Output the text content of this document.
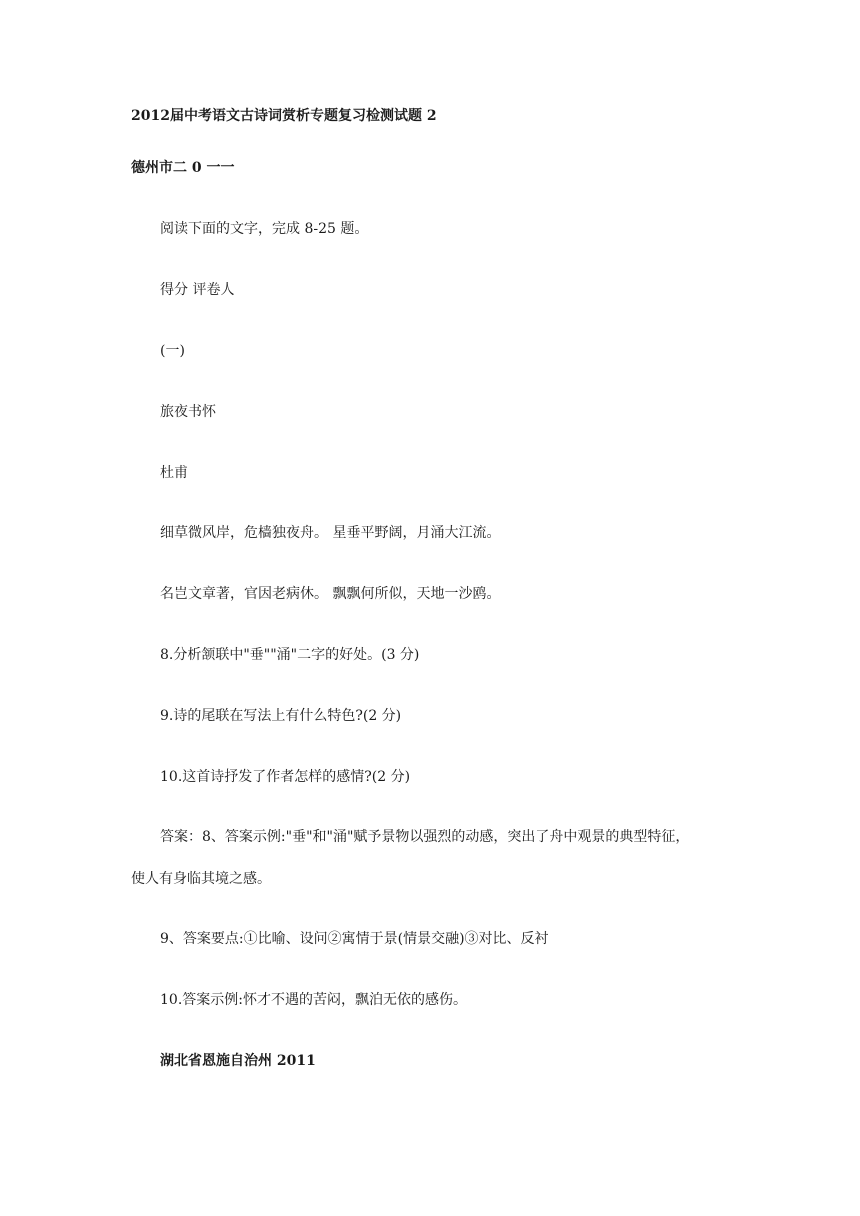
2012届中考语文古诗词赏析专题复习检测试题 2
德州市二 0 一一
阅读下面的文字，完成 8-25 题。
得分 评卷人
(一)
旅夜书怀
杜甫
细草微风岸，危樯独夜舟。 星垂平野阔，月涌大江流。
名岂文章著，官因老病休。 飘飘何所似，天地一沙鸥。
8.分析颔联中"垂""涌"二字的好处。(3 分)
9.诗的尾联在写法上有什么特色?(2 分)
10.这首诗抒发了作者怎样的感情?(2 分)
答案：8、答案示例:"垂"和"涌"赋予景物以强烈的动感，突出了舟中观景的典型特征，
使人有身临其境之感。
9、答案要点:①比喻、设问②寓情于景(情景交融)③对比、反衬
10.答案示例:怀才不遇的苦闷，飘泊无依的感伤。
湖北省恩施自治州 2011
